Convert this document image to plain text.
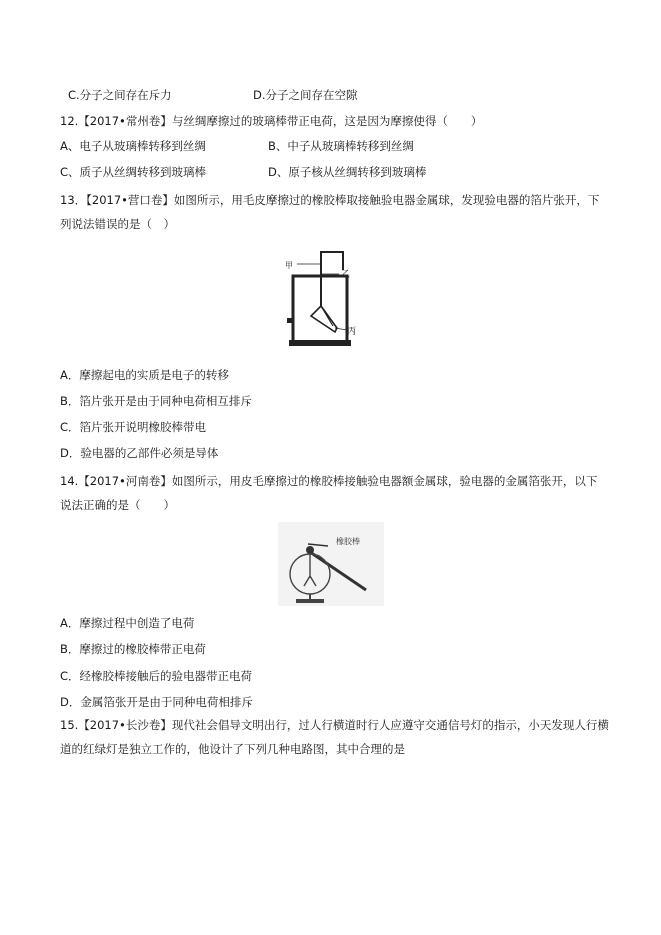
C.分子之间存在斥力	D.分子之间存在空隙
12.【2017•常州卷】与丝绸摩擦过的玻璃棒带正电荷，这是因为摩擦使得（　　）
A、电子从玻璃棒转移到丝绸	B、中子从玻璃棒转移到丝绸
C、质子从丝绸转移到玻璃棒	D、原子核从丝绸转移到玻璃棒
13．【2017•营口卷】如图所示，用毛皮摩擦过的橡胶棒取接触验电器金属球，发现验电器的箔片张开，下
列说法错误的是（　）
甲
乙
丙
A．摩擦起电的实质是电子的转移
B．箔片张开是由于同种电荷相互排斥
C．箔片张开说明橡胶棒带电
D．验电器的乙部件必须是导体
14.【2017•河南卷】如图所示，用皮毛摩擦过的橡胶棒接触验电器额金属球，验电器的金属箔张开，以下
说法正确的是（　　）
橡胶棒
A．摩擦过程中创造了电荷
B．摩擦过的橡胶棒带正电荷
C．经橡胶棒接触后的验电器带正电荷
D．金属箔张开是由于同种电荷相排斥
15.【2017•长沙卷】现代社会倡导文明出行，过人行横道时行人应遵守交通信号灯的指示，小天发现人行横
道的红绿灯是独立工作的，他设计了下列几种电路图，其中合理的是
